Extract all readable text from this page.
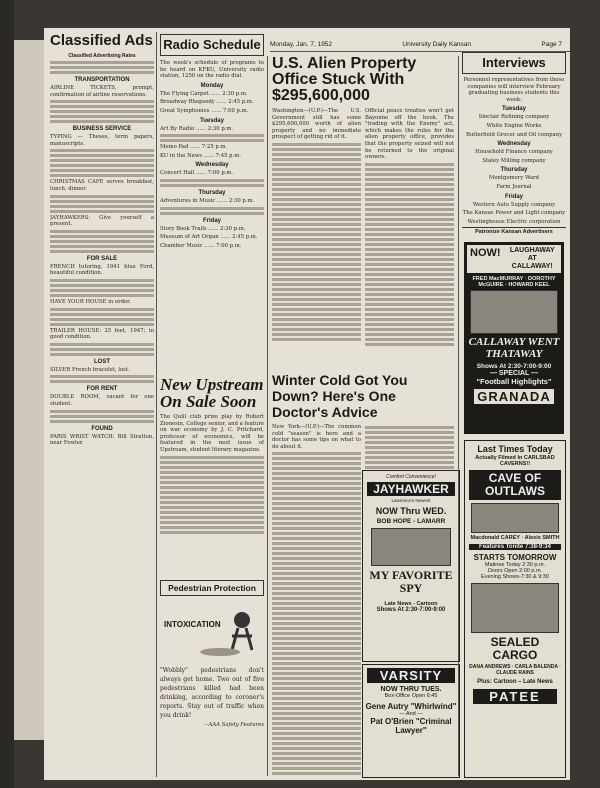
Monday, Jan. 7, 1952	University Daily Kansan	Page 7
Classified Ads
Classified Advertising Rates
TRANSPORTATION

AIRLINE TICKETS, prompt, confirmation of airline reservations.

BUSINESS SERVICE

TYPING — Theses, term papers, manuscripts.

CHRISTMAS CAFE serves breakfast, lunch, dinner.

JAYHAWKERS: Give yourself a present.

FOR SALE

FRENCH tutoring, 1941 blue Ford, beautiful condition.

HAVE YOUR HOUSE in order.

TRAILER HOUSE: 25 feet, 1947; in good condition.

LOST

SILVER French bracelet, lost.

FOR RENT

DOUBLE ROOM, vacant for one student.

FOUND

PARIS WRIST WATCH: Bill Stratton, near Fowler.

Radio Schedule

The week's schedule of programs to be heard on KFKU, University radio station, 1250 on the radio dial.

Monday

The Flying Carpet ...... 2:30 p.m.

Broadway Rhapsody ...... 2:45 p.m.

Great Symphonies ...... 7:00 p.m.

Tuesday

Art By Radio ...... 2:30 p.m.

Memo Pad ...... 7:25 p.m.

KU in the News ...... 7:45 p.m.

Wednesday

Concert Hall ...... 7:00 p.m.

Thursday

Adventures in Music ...... 2:30 p.m.

Friday

Story Book Trails ...... 2:30 p.m.

Museum of Art Organ ...... 2:45 p.m.

Chamber Music ...... 7:00 p.m.

New Upstream On Sale Soon

The Quill club prize play by Robert Zionesin, College senior, and a feature on war economy by J. C. Pritchard, professor of economics, will be featured in the next issue of Upstream, student literary magazine.

Pedestrian Protection
INTOXICATION

"Wobbly" pedestrians don't always get home. Two out of five pedestrians killed had been drinking, according to coroner's reports. Stay out of traffic when you drink!

—AAA Safety Features

U.S. Alien Property Office Stuck With $295,600,000

Washington—(U.P.)—The U.S. Government still has some $295,600,000 worth of alien property and no immediate prospect of getting rid of it.

Official peace treaties won't get Bayonne off the hook. The "trading with the Enemy" act, which makes the rules for the alien property office, provides that the property seized will not be returned to the original owners.

Winter Cold Got You Down? Here's One Doctor's Advice

New York—(U.P.)—The common cold "season" is here and a doctor has some tips on what to do about it.

Comfort Convenience!
JAYHAWKER
Lawrence's Newest
NOW Thru WED.
BOB HOPE - LAMARR
MY FAVORITE SPY
Late News - Cartoon
Shows At 2:30-7:00-9:00
VARSITY
NOW THRU TUES.
Box-Office Open 6:45
Gene Autry "Whirlwind"
— And —
Pat O'Brien "Criminal Lawyer"
Interviews

Personnel representatives from these companies will interview February graduating business students this week:

Tuesday

Sinclair Refining company

White Engine Works

Butterfield Grocer and Oil company

Wednesday

Household Finance company

Staley Milling company

Thursday

Montgomery Ward

Farm Journal

Friday

Western Auto Supply company

The Kansas Power and Light company

Westinghouse Electric corporation

Patronize Kansan Advertisers
NOW!	LAUGHAWAY
AT
CALLAWAY!
FRED MacMURRAY · DOROTHY McGUIRE · HOWARD KEEL
CALLAWAY WENT THATAWAY
Shows At 2:30-7:00-9:00
— SPECIAL —
"Football Highlights"
GRANADA
Last Times Today
Actually Filmed In CARLSBAD CAVERNS!!
CAVE OF OUTLAWS
Macdonald CAREY · Alexis SMITH
Features Tonite 7:38-9:34
STARTS TOMORROW
Matinee Today 2:30 p.m.
Doors Open 2:00 p.m.
Evening Shows-7:30 & 9:30
SEALED CARGO
DANA ANDREWS · CARLA BALENDA · CLAUDE RAINS
Plus: Cartoon – Late News
PATEE
